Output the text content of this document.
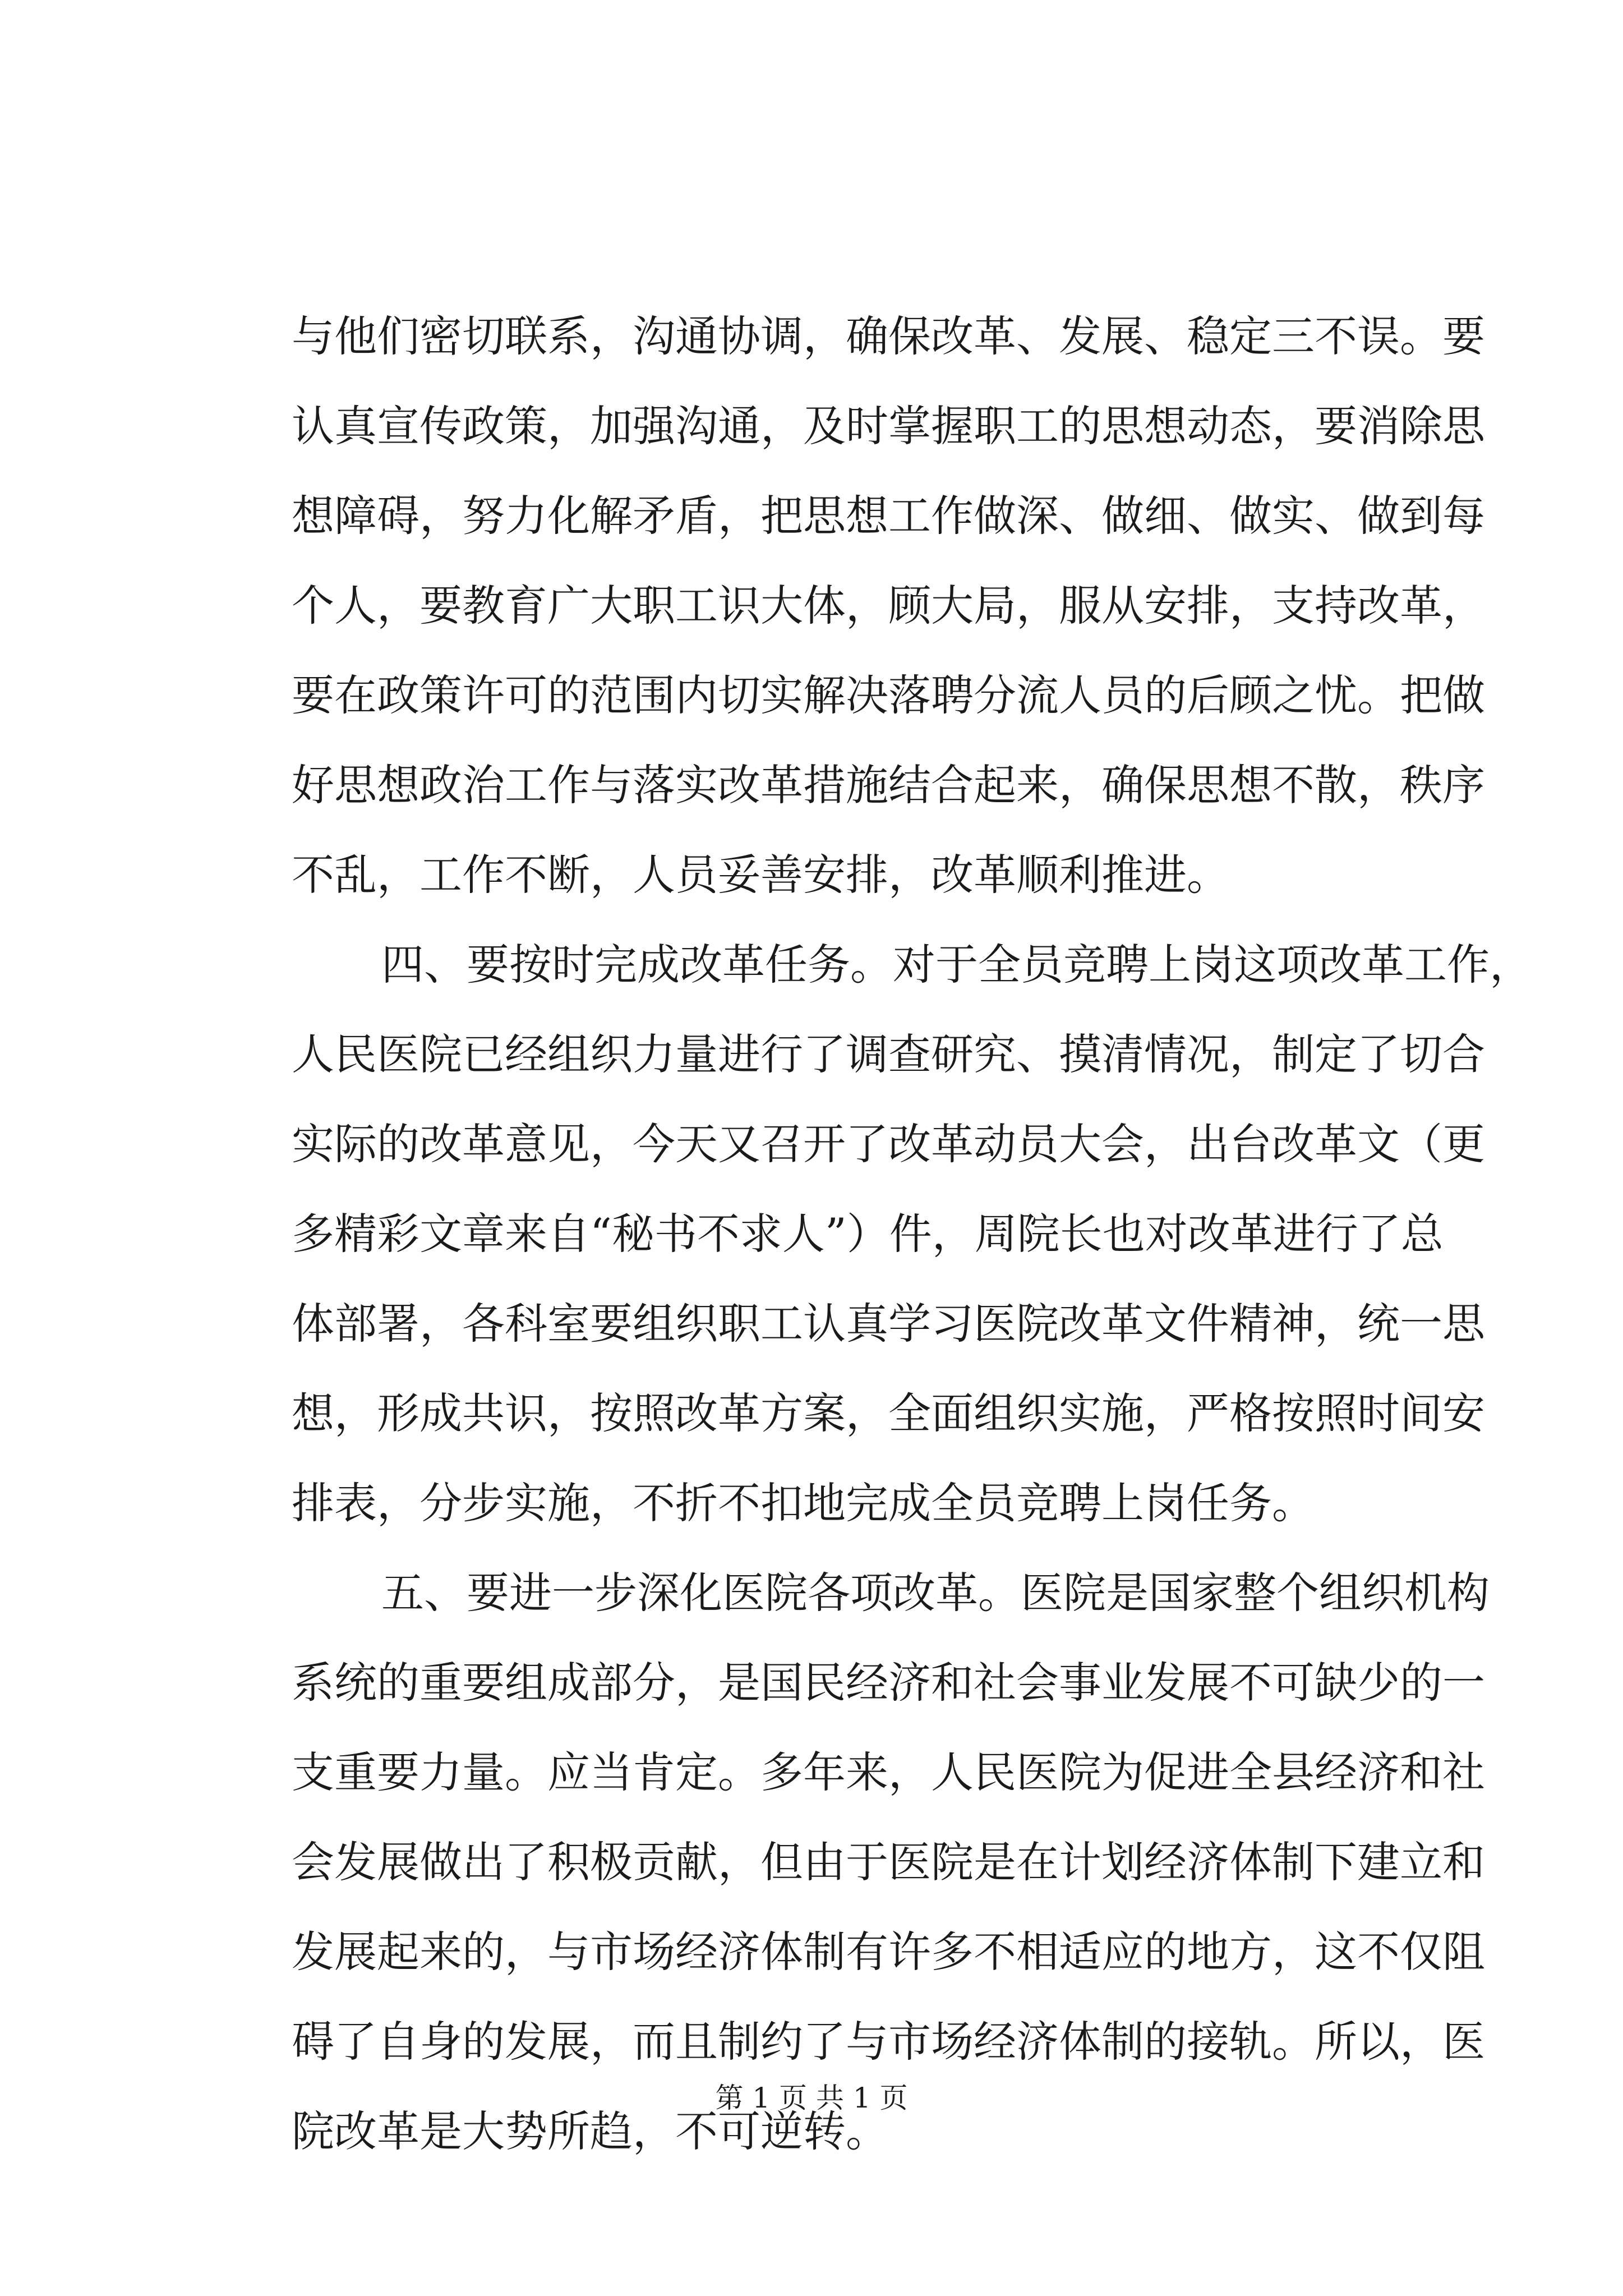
与他们密切联系，沟通协调，确保改革、发展、稳定三不误。要
认真宣传政策，加强沟通，及时掌握职工的思想动态，要消除思
想障碍，努力化解矛盾，把思想工作做深、做细、做实、做到每
个人，要教育广大职工识大体，顾大局，服从安排，支持改革，
要在政策许可的范围内切实解决落聘分流人员的后顾之忧。把做
好思想政治工作与落实改革措施结合起来，确保思想不散，秩序
不乱，工作不断，人员妥善安排，改革顺利推进。
四、要按时完成改革任务。对于全员竞聘上岗这项改革工作，
人民医院已经组织力量进行了调查研究、摸清情况，制定了切合
实际的改革意见，今天又召开了改革动员大会，出台改革文（更
多精彩文章来自“秘书不求人”）件，周院长也对改革进行了总
体部署，各科室要组织职工认真学习医院改革文件精神，统一思
想，形成共识，按照改革方案，全面组织实施，严格按照时间安
排表，分步实施，不折不扣地完成全员竞聘上岗任务。
五、要进一步深化医院各项改革。医院是国家整个组织机构
系统的重要组成部分，是国民经济和社会事业发展不可缺少的一
支重要力量。应当肯定。多年来，人民医院为促进全县经济和社
会发展做出了积极贡献，但由于医院是在计划经济体制下建立和
发展起来的，与市场经济体制有许多不相适应的地方，这不仅阻
碍了自身的发展，而且制约了与市场经济体制的接轨。所以，医
院改革是大势所趋，不可逆转。
第 1 页 共 1 页
